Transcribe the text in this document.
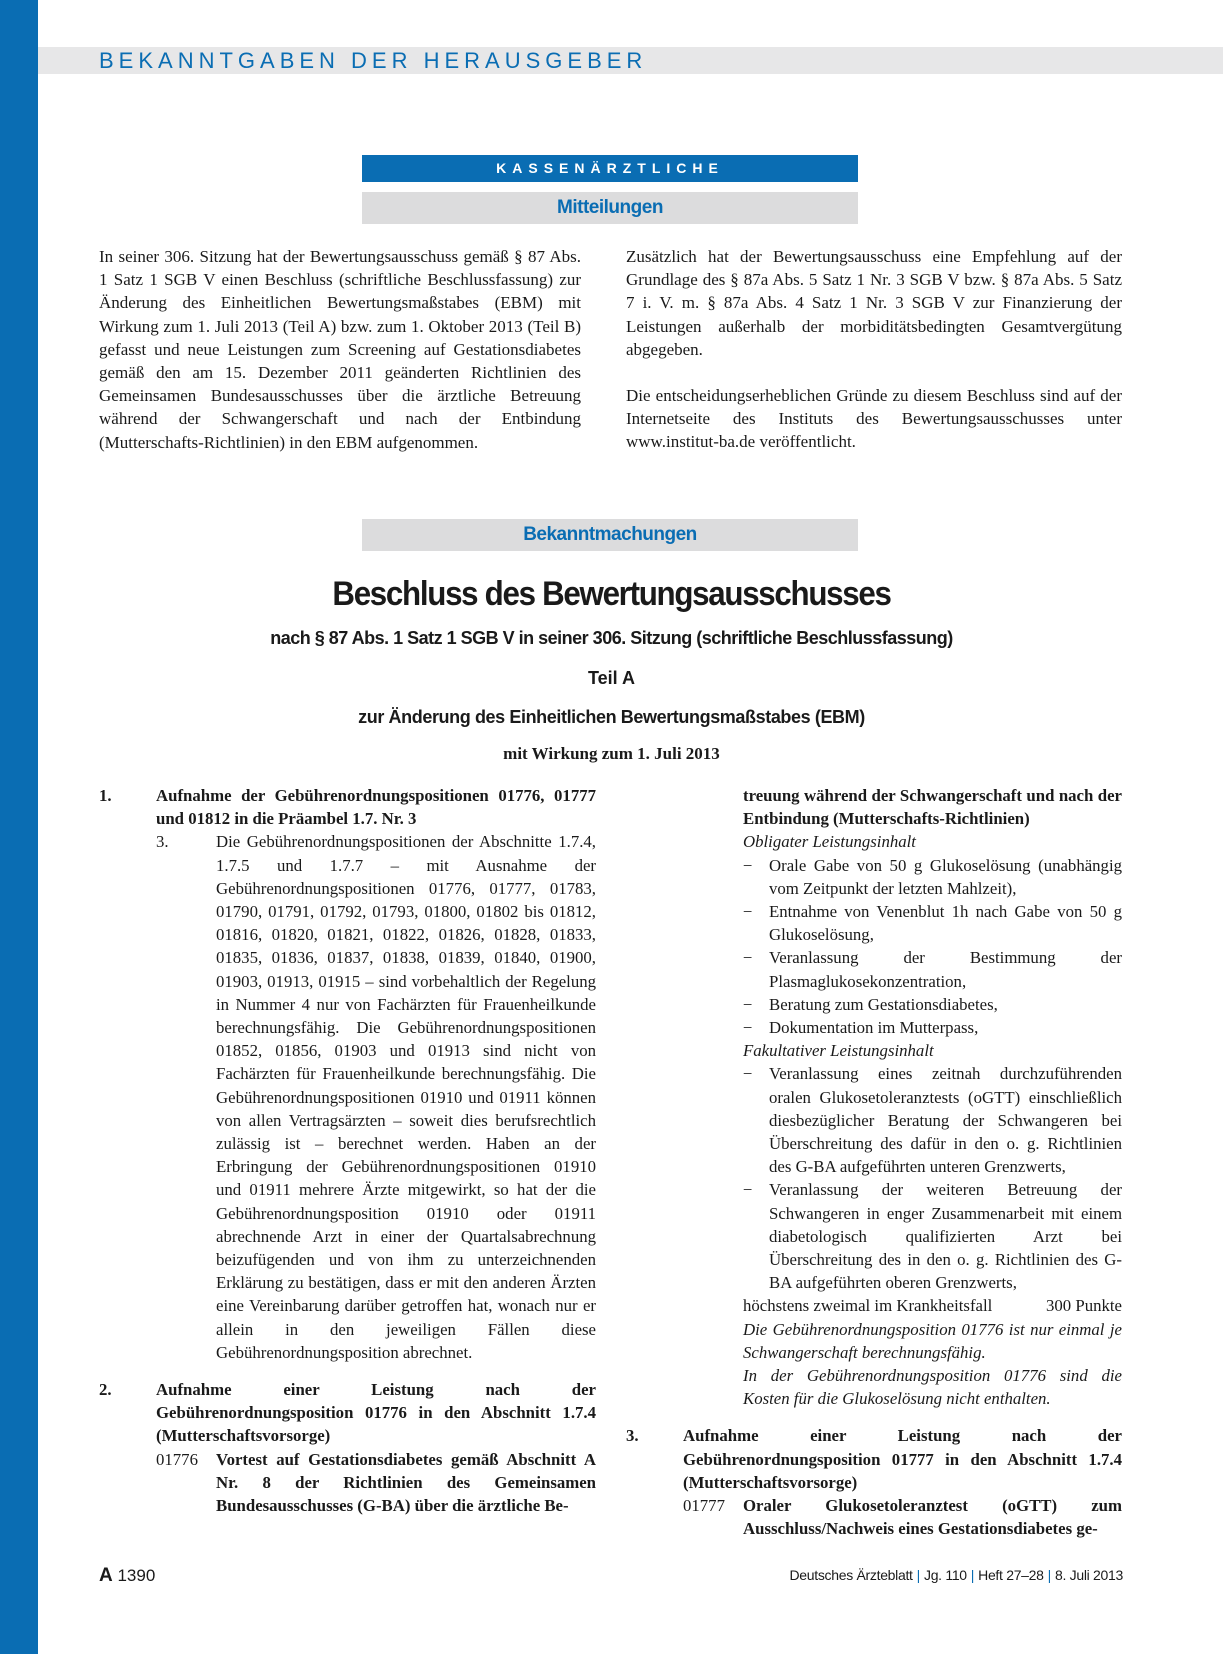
BEKANNTGABEN DER HERAUSGEBER
KASSENÄRZTLICHE
Mitteilungen

In seiner 306. Sitzung hat der Bewertungsausschuss gemäß § 87 Abs. 1 Satz 1 SGB V einen Beschluss (schriftliche Beschlussfassung) zur Änderung des Einheitlichen Bewertungsmaßstabes (EBM) mit Wirkung zum 1. Juli 2013 (Teil A) bzw. zum 1. Oktober 2013 (Teil B) gefasst und neue Leistungen zum Screening auf Gestationsdiabetes gemäß den am 15. Dezember 2011 geänderten Richtlinien des Gemeinsamen Bundesausschusses über die ärztliche Betreuung während der Schwangerschaft und nach der Entbindung (Mutterschafts-Richtlinien) in den EBM aufgenommen.

Zusätzlich hat der Bewertungsausschuss eine Empfehlung auf der Grundlage des § 87a Abs. 5 Satz 1 Nr. 3 SGB V bzw. § 87a Abs. 5 Satz 7 i. V. m. § 87a Abs. 4 Satz 1 Nr. 3 SGB V zur Finanzierung der Leistungen außerhalb der morbiditätsbedingten Gesamtvergütung abgegeben.

Die entscheidungserheblichen Gründe zu diesem Beschluss sind auf der Internetseite des Instituts des Bewertungsausschusses unter www.institut-ba.de veröffentlicht.

Bekanntmachungen
Beschluss des Bewertungsausschusses
nach § 87 Abs. 1 Satz 1 SGB V in seiner 306. Sitzung (schriftliche Beschlussfassung)
Teil A
zur Änderung des Einheitlichen Bewertungsmaßstabes (EBM)
mit Wirkung zum 1. Juli 2013
1.	Aufnahme der Gebührenordnungspositionen 01776, 01777 und 01812 in die Präambel 1.7. Nr. 3
3.	Die Gebührenordnungspositionen der Abschnitte 1.7.4, 1.7.5 und 1.7.7 – mit Ausnahme der Gebührenordnungspositionen 01776, 01777, 01783, 01790, 01791, 01792, 01793, 01800, 01802 bis 01812, 01816, 01820, 01821, 01822, 01826, 01828, 01833, 01835, 01836, 01837, 01838, 01839, 01840, 01900, 01903, 01913, 01915 – sind vorbehaltlich der Regelung in Nummer 4 nur von Fachärzten für Frauenheilkunde berechnungsfähig. Die Gebührenordnungspositionen 01852, 01856, 01903 und 01913 sind nicht von Fachärzten für Frauenheilkunde berechnungsfähig. Die Gebührenordnungspositionen 01910 und 01911 können von allen Vertragsärzten – soweit dies berufsrechtlich zulässig ist – berechnet werden. Haben an der Erbringung der Gebührenordnungspositionen 01910 und 01911 mehrere Ärzte mitgewirkt, so hat der die Gebührenordnungsposition 01910 oder 01911 abrechnende Arzt in einer der Quartalsabrechnung beizufügenden und von ihm zu unterzeichnenden Erklärung zu bestätigen, dass er mit den anderen Ärzten eine Vereinbarung darüber getroffen hat, wonach nur er allein in den jeweiligen Fällen diese Gebührenordnungsposition abrechnet.
2.	Aufnahme einer Leistung nach der Gebührenordnungsposition 01776 in den Abschnitt 1.7.4 (Mutterschaftsvorsorge)
01776	Vortest auf Gestationsdiabetes gemäß Abschnitt A Nr. 8 der Richtlinien des Gemeinsamen Bundesausschusses (G-BA) über die ärztliche Be-
treuung während der Schwangerschaft und nach der Entbindung (Mutterschafts-Richtlinien)
Obligater Leistungsinhalt
− Orale Gabe von 50 g Glukoselösung (unabhängig vom Zeitpunkt der letzten Mahlzeit),
− Entnahme von Venenblut 1h nach Gabe von 50 g Glukoselösung,
− Veranlassung der Bestimmung der Plasmaglukosekonzentration,
− Beratung zum Gestationsdiabetes,
− Dokumentation im Mutterpass,
Fakultativer Leistungsinhalt
− Veranlassung eines zeitnah durchzuführenden oralen Glukosetoleranztests (oGTT) einschließlich diesbezüglicher Beratung der Schwangeren bei Überschreitung des dafür in den o. g. Richtlinien des G-BA aufgeführten unteren Grenzwerts,
− Veranlassung der weiteren Betreuung der Schwangeren in enger Zusammenarbeit mit einem diabetologisch qualifizierten Arzt bei Überschreitung des in den o. g. Richtlinien des G-BA aufgeführten oberen Grenzwerts,
höchstens zweimal im Krankheitsfall	300 Punkte
Die Gebührenordnungsposition 01776 ist nur einmal je Schwangerschaft berechnungsfähig.
In der Gebührenordnungsposition 01776 sind die Kosten für die Glukoselösung nicht enthalten.
3.	Aufnahme einer Leistung nach der Gebührenordnungsposition 01777 in den Abschnitt 1.7.4 (Mutterschaftsvorsorge)
01777	Oraler Glukosetoleranztest (oGTT) zum Ausschluss/Nachweis eines Gestationsdiabetes ge-
A 1390	Deutsches Ärzteblatt | Jg. 110 | Heft 27–28 | 8. Juli 2013
